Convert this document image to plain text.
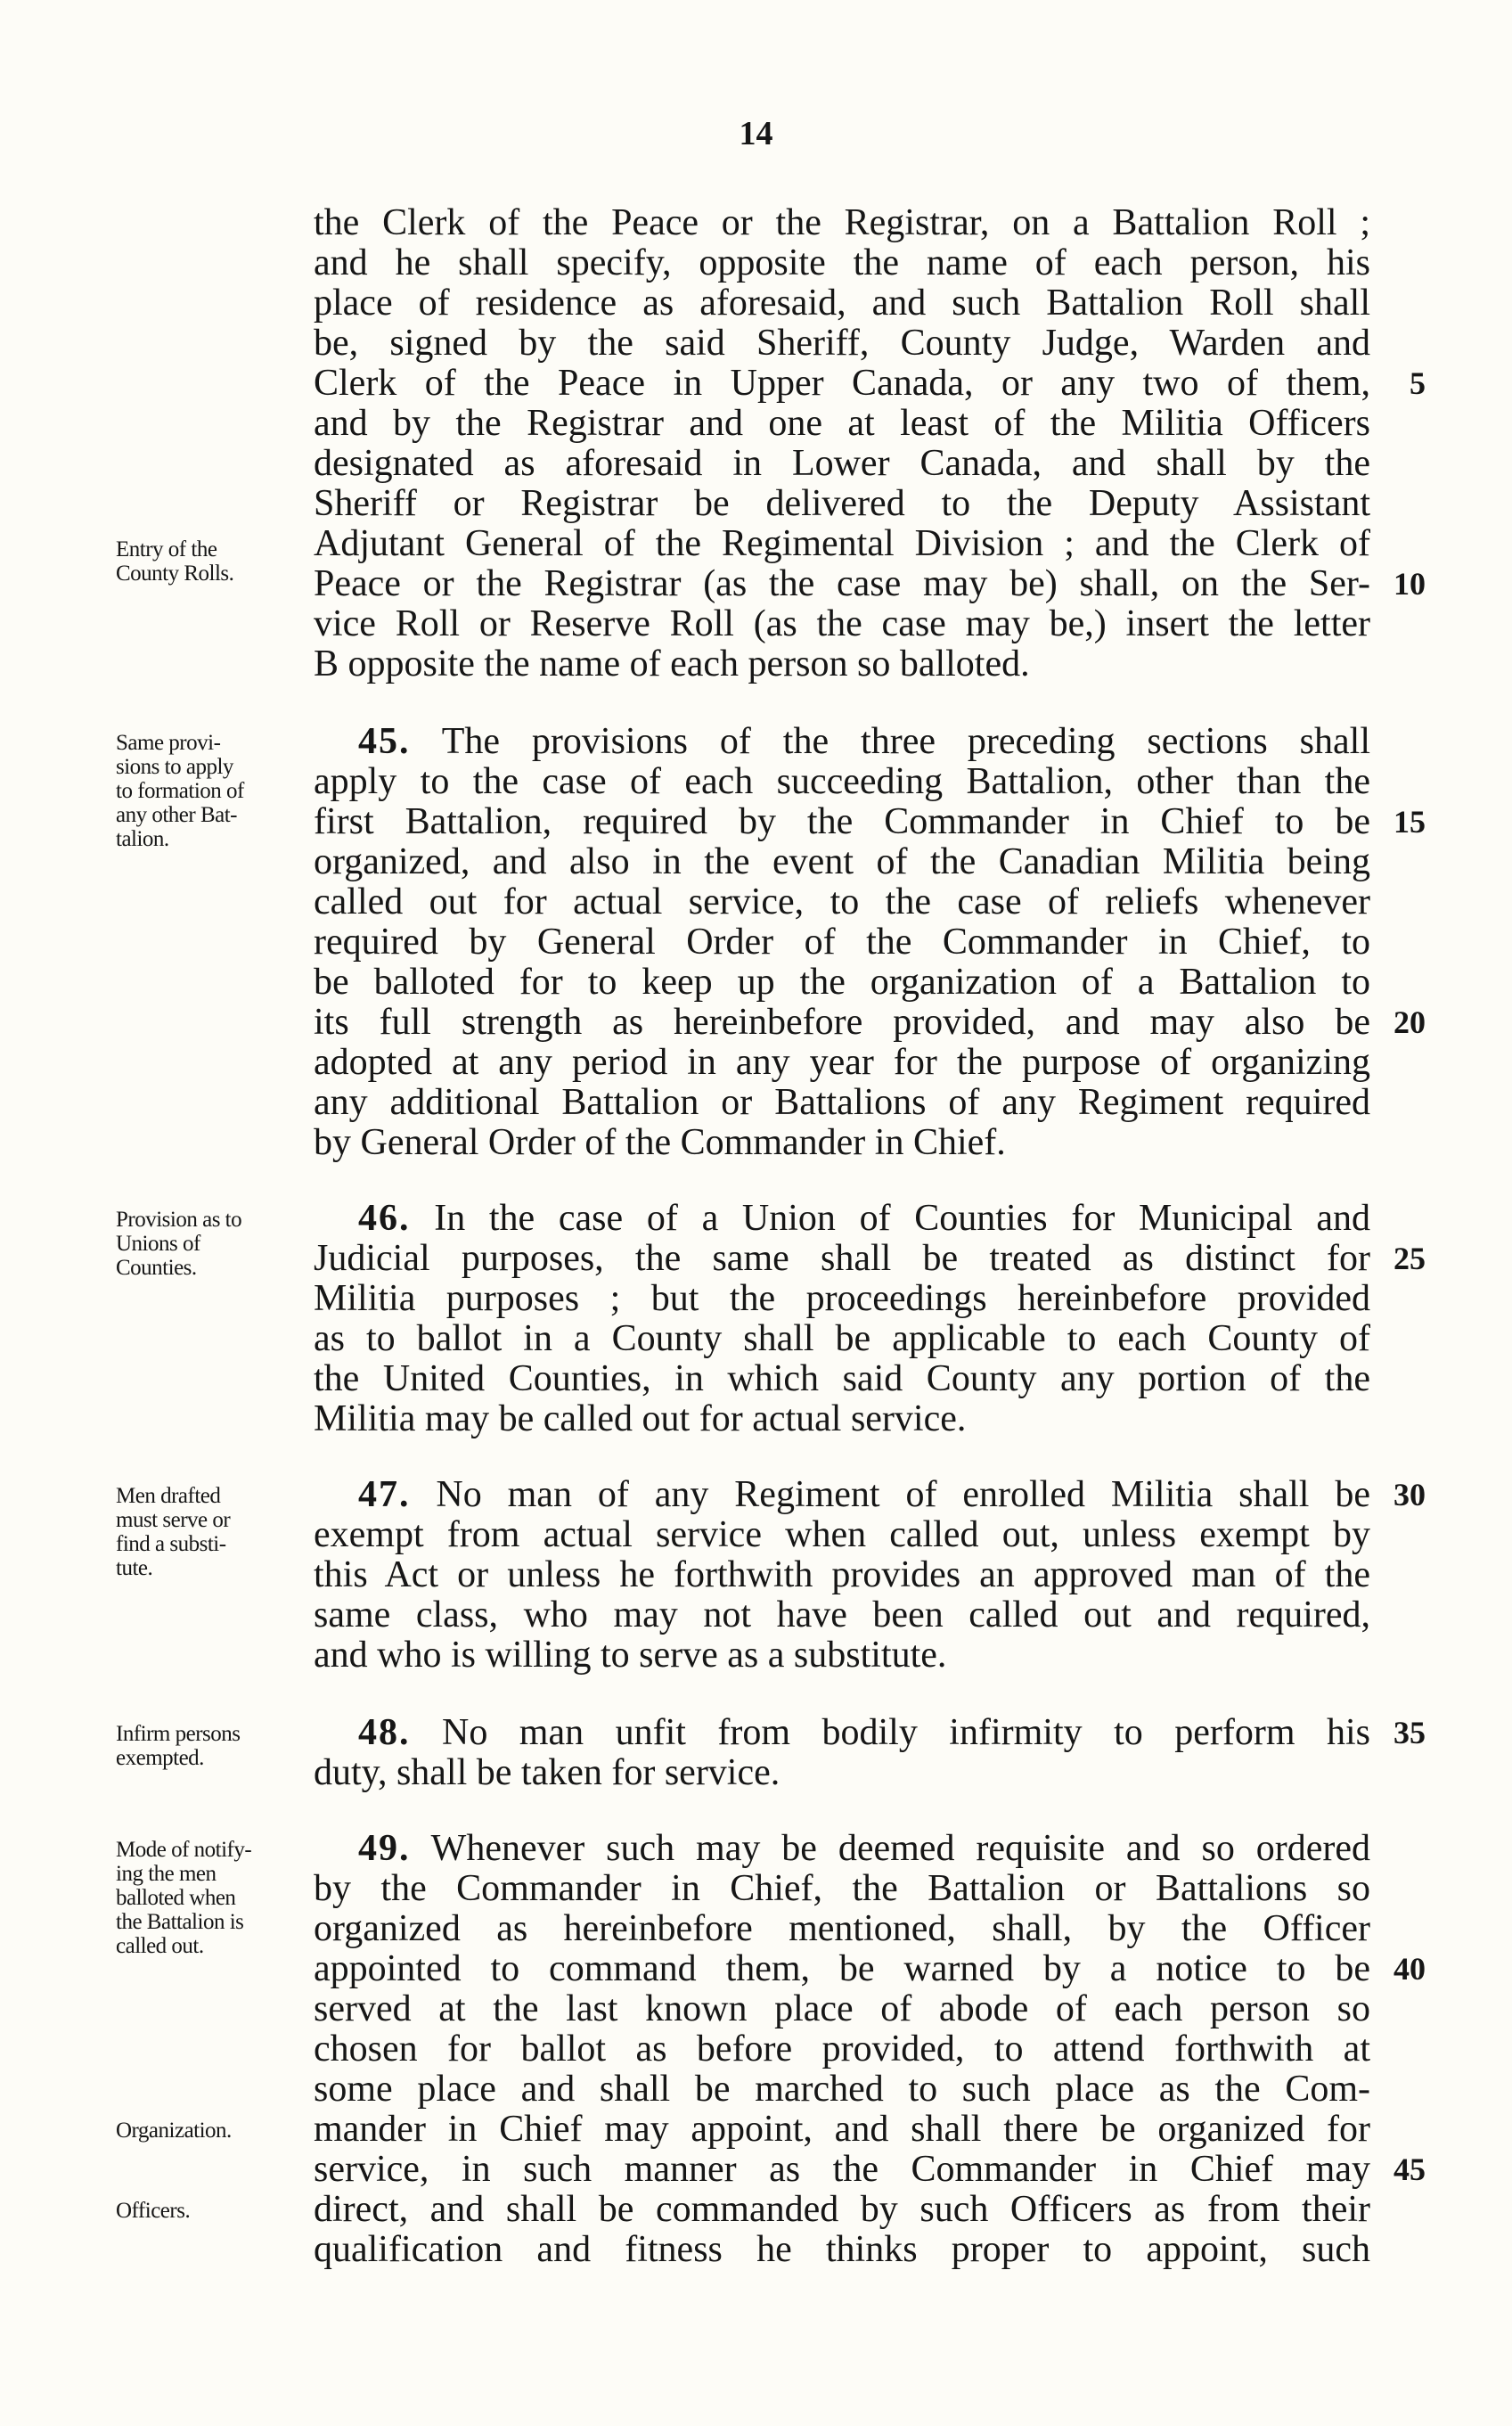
14
the Clerk of the Peace or the Registrar, on a Battalion Roll ;
and he shall specify, opposite the name of each person, his
place of residence as aforesaid, and such Battalion Roll shall
be, signed by the said Sheriff, County Judge, Warden and
Clerk of the Peace in Upper Canada, or any two of them,
and by the Registrar and one at least of the Militia Officers
designated as aforesaid in Lower Canada, and shall by the
Sheriff or Registrar be delivered to the Deputy Assistant
Adjutant General of the Regimental Division ; and the Clerk of
Peace or the Registrar (as the case may be) shall, on the Ser-
vice Roll or Reserve Roll (as the case may be,) insert the letter
B opposite the name of each person so balloted.
5
10
Entry of the
County Rolls.
45. The provisions of the three preceding sections shall
apply to the case of each succeeding Battalion, other than the
first Battalion, required by the Commander in Chief to be
organized, and also in the event of the Canadian Militia being
called out for actual service, to the case of reliefs whenever
required by General Order of the Commander in Chief, to
be balloted for to keep up the organization of a Battalion to
its full strength as hereinbefore provided, and may also be
adopted at any period in any year for the purpose of organizing
any additional Battalion or Battalions of any Regiment required
by General Order of the Commander in Chief.
15
20
Same provi-
sions to apply
to formation of
any other Bat-
talion.
46. In the case of a Union of Counties for Municipal and
Judicial purposes, the same shall be treated as distinct for
Militia purposes ; but the proceedings hereinbefore provided
as to ballot in a County shall be applicable to each County of
the United Counties, in which said County any portion of the
Militia may be called out for actual service.
25
Provision as to
Unions of
Counties.
47. No man of any Regiment of enrolled Militia shall be
exempt from actual service when called out, unless exempt by
this Act or unless he forthwith provides an approved man of the
same class, who may not have been called out and required,
and who is willing to serve as a substitute.
30
Men drafted
must serve or
find a substi-
tute.
48. No man unfit from bodily infirmity to perform his
duty, shall be taken for service.
35
Infirm persons
exempted.
49. Whenever such may be deemed requisite and so ordered
by the Commander in Chief, the Battalion or Battalions so
organized as hereinbefore mentioned, shall, by the Officer
appointed to command them, be warned by a notice to be
served at the last known place of abode of each person so
chosen for ballot as before provided, to attend forthwith at
some place and shall be marched to such place as the Com-
mander in Chief may appoint, and shall there be organized for
service, in such manner as the Commander in Chief may
direct, and shall be commanded by such Officers as from their
qualification and fitness he thinks proper to appoint, such
40
45
Mode of notify-
ing the men
balloted when
the Battalion is
called out.
Organization.
Officers.
